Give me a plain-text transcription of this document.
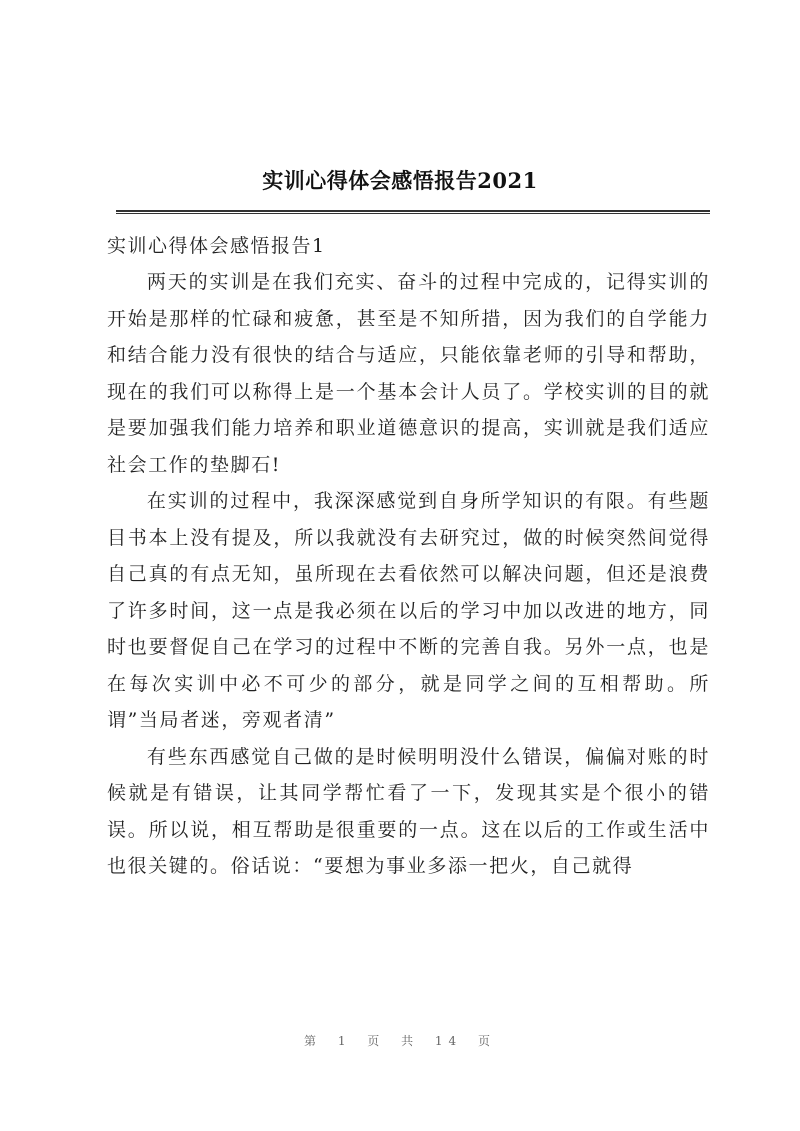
实训心得体会感悟报告2021

实训心得体会感悟报告1

两天的实训是在我们充实、奋斗的过程中完成的，记得实训的开始是那样的忙碌和疲惫，甚至是不知所措，因为我们的自学能力和结合能力没有很快的结合与适应，只能依靠老师的引导和帮助，现在的我们可以称得上是一个基本会计人员了。学校实训的目的就是要加强我们能力培养和职业道德意识的提高，实训就是我们适应社会工作的垫脚石!

在实训的过程中，我深深感觉到自身所学知识的有限。有些题目书本上没有提及，所以我就没有去研究过，做的时候突然间觉得自己真的有点无知，虽所现在去看依然可以解决问题，但还是浪费了许多时间，这一点是我必须在以后的学习中加以改进的地方，同时也要督促自己在学习的过程中不断的完善自我。另外一点，也是在每次实训中必不可少的部分，就是同学之间的互相帮助。所谓”当局者迷，旁观者清”

有些东西感觉自己做的是时候明明没什么错误，偏偏对账的时候就是有错误，让其同学帮忙看了一下，发现其实是个很小的错误。所以说，相互帮助是很重要的一点。这在以后的工作或生活中也很关键的。俗话说：“要想为事业多添一把火，自己就得

第 1 页 共 14 页
